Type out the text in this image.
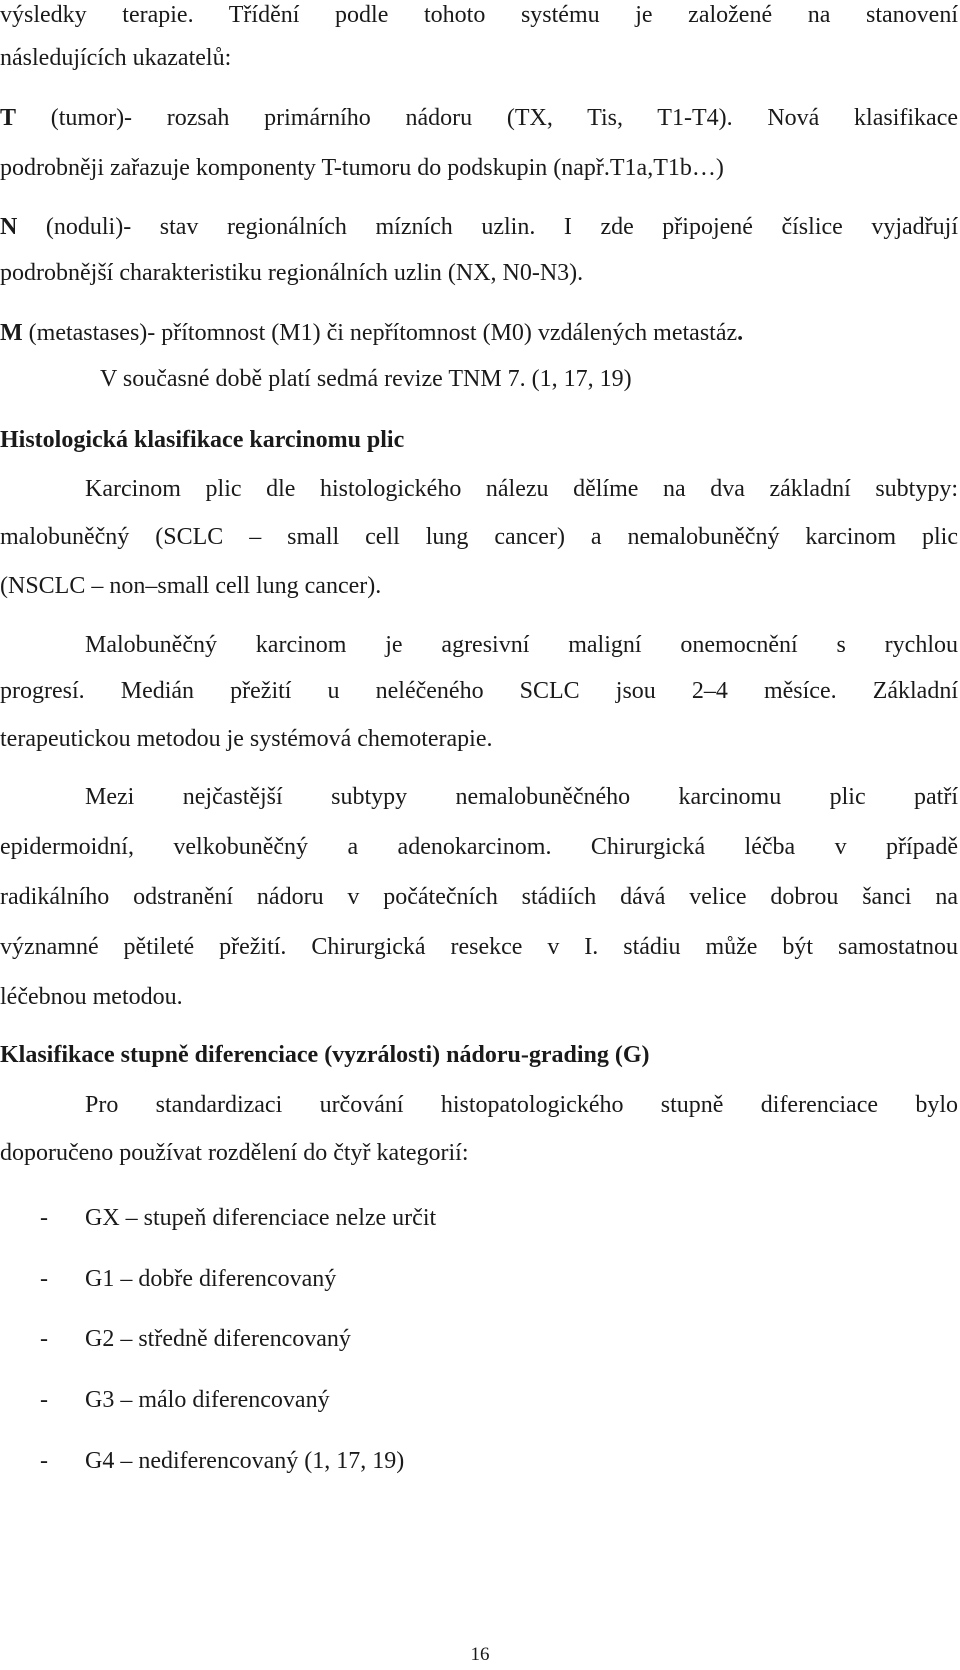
výsledky terapie. Třídění podle tohoto systému je založené na stanovení

následujících ukazatelů:

T (tumor)- rozsah primárního nádoru (TX, Tis, T1-T4). Nová klasifikace

podrobněji zařazuje komponenty T-tumoru do podskupin (např.T1a,T1b…)

N (noduli)- stav regionálních mízních uzlin. I zde připojené číslice vyjadřují

podrobnější charakteristiku regionálních uzlin (NX, N0-N3).

M (metastases)- přítomnost (M1) či nepřítomnost (M0) vzdálených metastáz.

V současné době platí sedmá revize TNM 7. (1, 17, 19)

Histologická klasifikace karcinomu plic

Karcinom plic dle histologického nálezu dělíme na dva základní subtypy:

malobuněčný (SCLC – small cell lung cancer) a nemalobuněčný karcinom plic

(NSCLC – non–small cell lung cancer).

Malobuněčný karcinom je agresivní maligní onemocnění s rychlou

progresí. Medián přežití u neléčeného SCLC jsou 2–4 měsíce. Základní

terapeutickou metodou je systémová chemoterapie.

Mezi nejčastější subtypy nemalobuněčného karcinomu plic patří

epidermoidní, velkobuněčný a adenokarcinom. Chirurgická léčba v případě

radikálního odstranění nádoru v počátečních stádiích dává velice dobrou šanci na

významné pětileté přežití. Chirurgická resekce v I. stádiu může být samostatnou

léčebnou metodou.

Klasifikace stupně diferenciace (vyzrálosti) nádoru-grading (G)

Pro standardizaci určování histopatologického stupně diferenciace bylo

doporučeno používat rozdělení do čtyř kategorií:

- GX – stupeň diferenciace nelze určit
- G1 – dobře diferencovaný
- G2 – středně diferencovaný
- G3 – málo diferencovaný
- G4 – nediferencovaný (1, 17, 19)
16
